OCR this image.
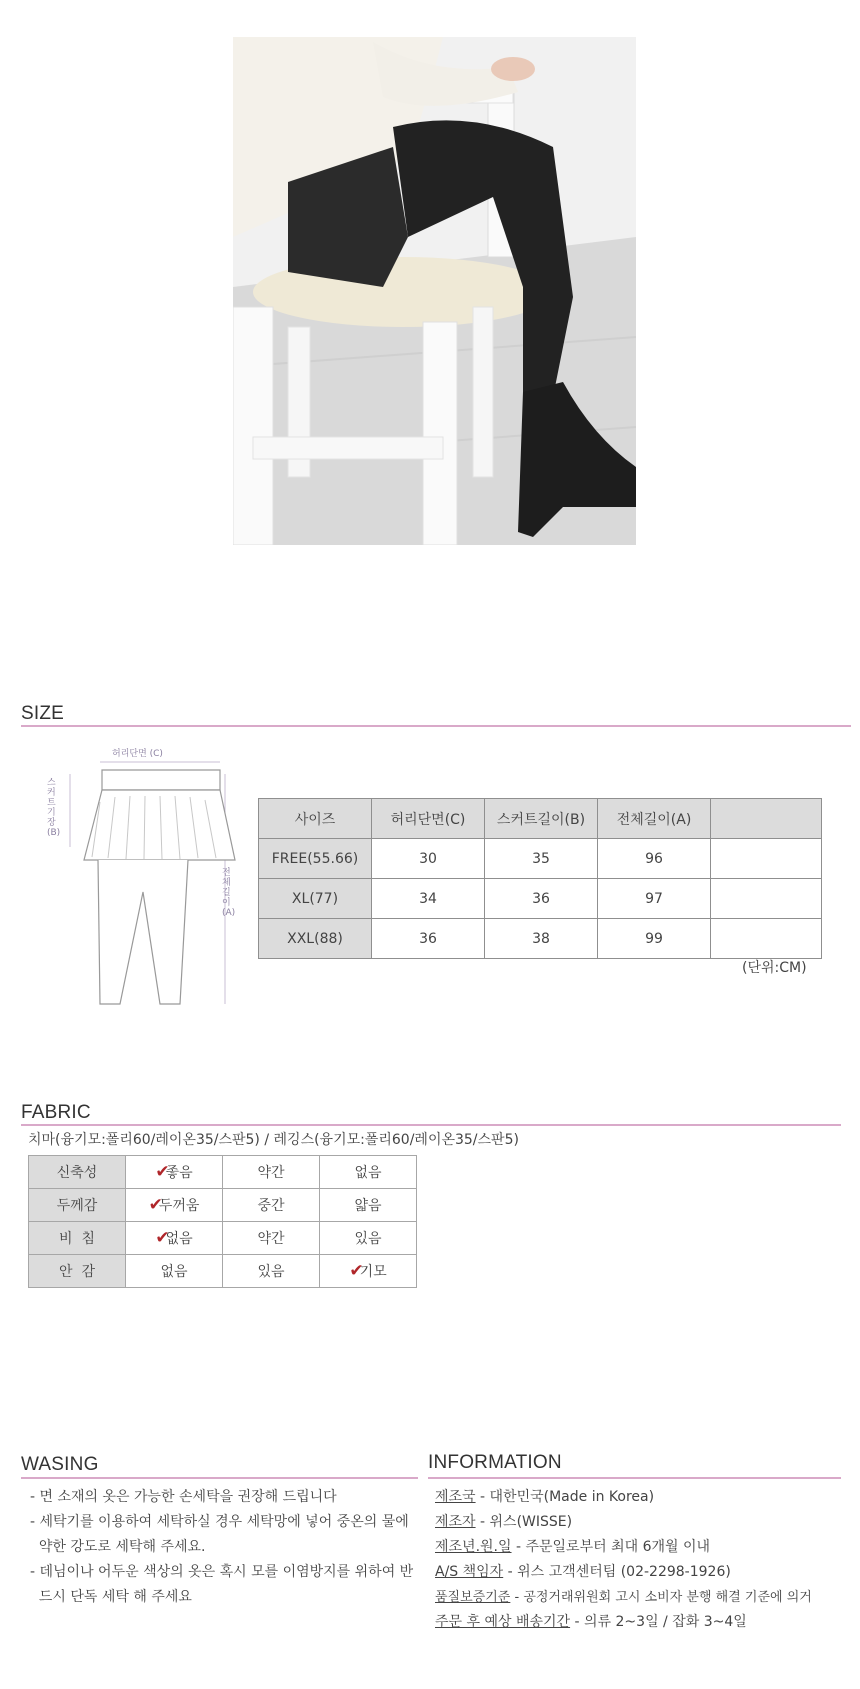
SIZE
허리단면 (C)
스커트기장 (B)
전체길이 (A)
사이즈	허리단면(C)	스커트길이(B)	전체길이(A)	
FREE(55.66)	30	35	96	
XL(77)	34	36	97	
XXL(88)	36	38	99	
(단위:CM)
FABRIC
치마(융기모:폴리60/레이온35/스판5) / 레깅스(융기모:폴리60/레이온35/스판5)
신축성	✔좋음	약간	없음
두께감	✔두꺼움	중간	얇음
비  침	✔없음	약간	있음
안  감	없음	있음	✔기모
WASING
- 면 소재의 옷은 가능한 손세탁을 권장해 드립니다
- 세탁기를 이용하여 세탁하실 경우 세탁망에 넣어 중온의 물에
약한 강도로 세탁해 주세요.
- 데님이나 어두운 색상의 옷은 혹시 모를 이염방지를 위하여 반
드시 단독 세탁 해 주세요
INFORMATION
제조국 - 대한민국(Made in Korea)
제조자 - 위스(WISSE)
제조년.원.일 - 주문일로부터 최대 6개월 이내
A/S 책임자 - 위스 고객센터팀 (02-2298-1926)
품질보증기준 - 공정거래위원회 고시 소비자 분행 해결 기준에 의거
주문 후 예상 배송기간 - 의류 2~3일 / 잡화 3~4일
